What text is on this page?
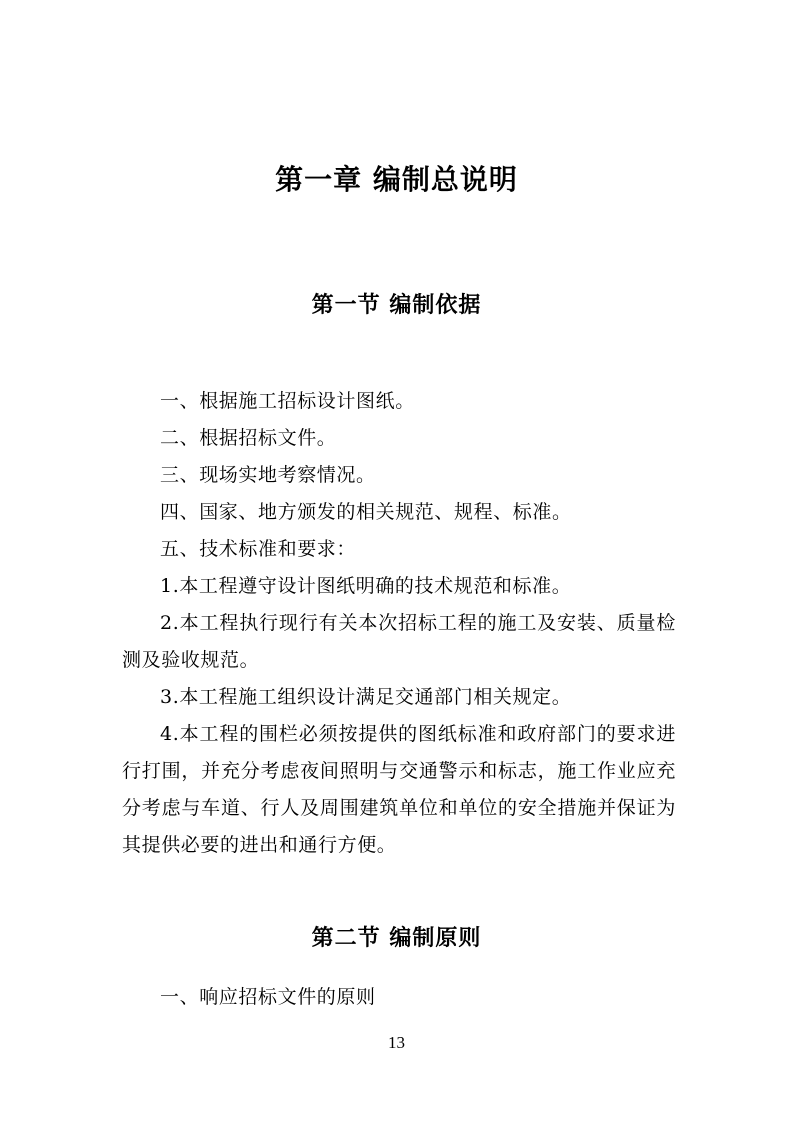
第一章 编制总说明
第一节 编制依据

一、根据施工招标设计图纸。

二、根据招标文件。

三、现场实地考察情况。

四、国家、地方颁发的相关规范、规程、标准。

五、技术标准和要求：

1.本工程遵守设计图纸明确的技术规范和标准。

2.本工程执行现行有关本次招标工程的施工及安装、质量检测及验收规范。

3.本工程施工组织设计满足交通部门相关规定。

4.本工程的围栏必须按提供的图纸标准和政府部门的要求进行打围，并充分考虑夜间照明与交通警示和标志，施工作业应充分考虑与车道、行人及周围建筑单位和单位的安全措施并保证为其提供必要的进出和通行方便。

第二节 编制原则

一、响应招标文件的原则

13
